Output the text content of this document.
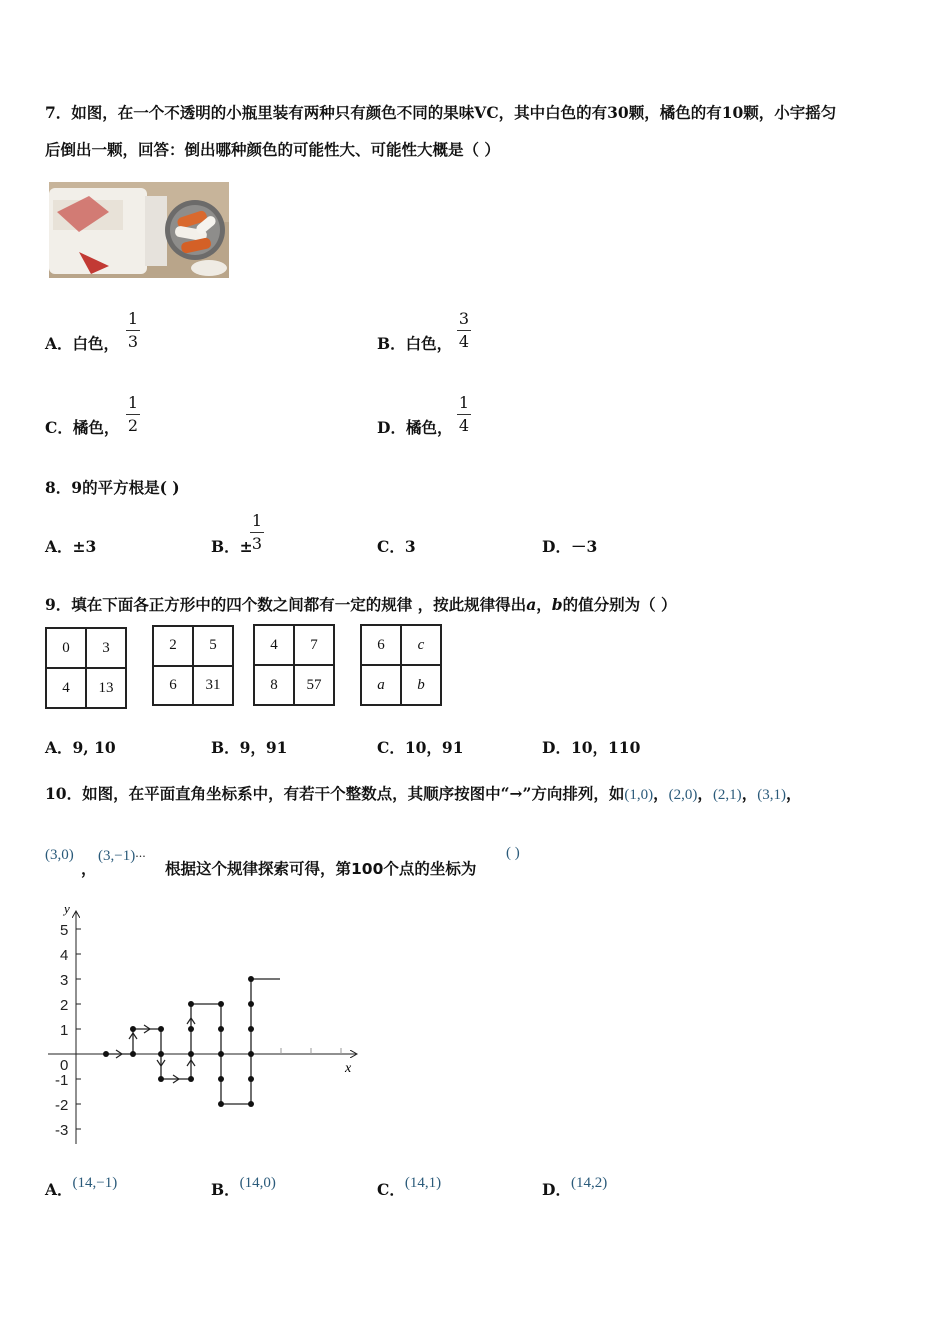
7．如图，在一个不透明的小瓶里装有两种只有颜色不同的果味VC，其中白色的有30颗，橘色的有10颗，小宇摇匀
后倒出一颗，回答：倒出哪种颜色的可能性大、可能性大概是（ ）
A．白色，
1
3	B．白色，
3
4
C．橘色，
1
2	D．橘色，
1
4
8．9的平方根是( )
A．±3	B．±
1
3	C．3	D．－3
9．填在下面各正方形中的四个数之间都有一定的规律 ，按此规律得出a，b的值分别为（ ）
0	3
4	13
2	5
6	31
4	7
8	57
6	c
a	b
A．9, 10	B．9，91	C．10，91	D．10，110
10．如图，在平面直角坐标系中，有若干个整数点，其顺序按图中“→”方向排列，如(1,0)，(2,0)，(2,1)，(3,1)，
(3,0)
，
(3,−1)···
根据这个规律探索可得，第100个点的坐标为
( )
x
y
5
4
3
2
1
0
-1
-2
-3
A．(14,−1)	B．(14,0)	C．(14,1)	D．(14,2)
